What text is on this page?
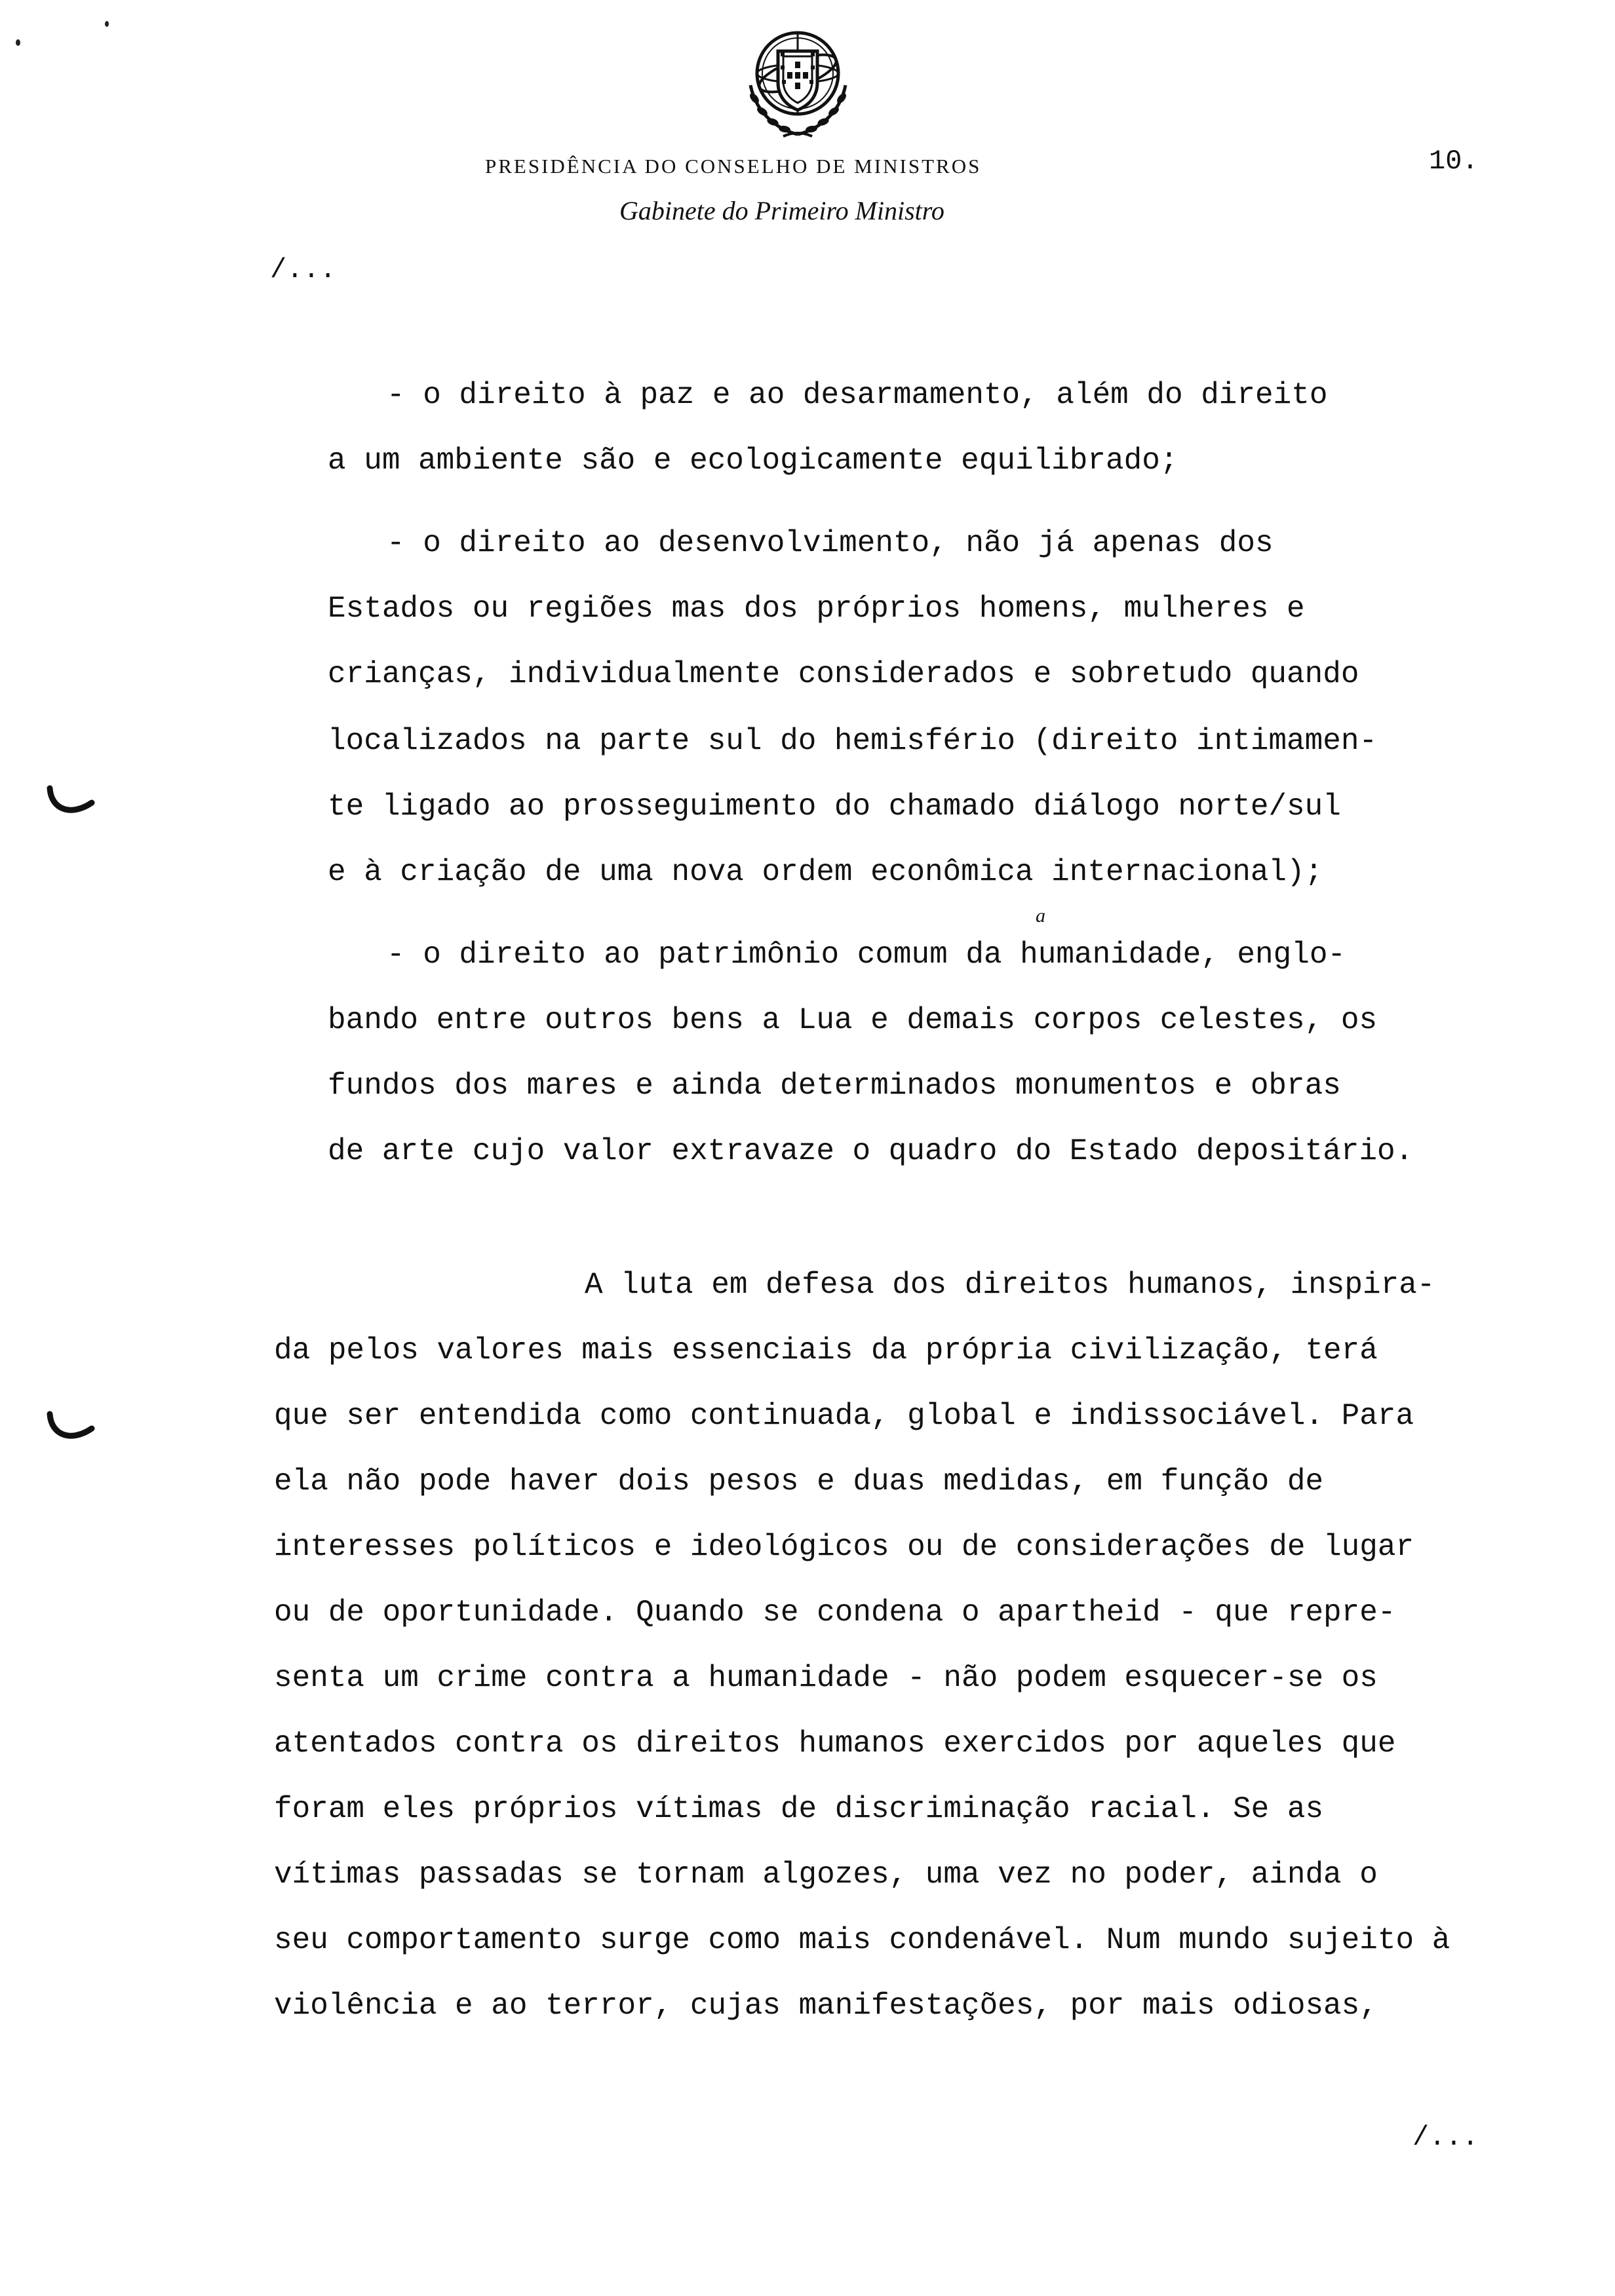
PRESIDÊNCIA DO CONSELHO DE MINISTROS
Gabinete do Primeiro Ministro
10.
/...
a
- o direito à paz e ao desarmamento, além do direito
a um ambiente são e ecologicamente equilibrado;
- o direito ao desenvolvimento, não já apenas dos
Estados ou regiões mas dos próprios homens, mulheres e
crianças, individualmente considerados e sobretudo quando
localizados na parte sul do hemisfério (direito intimamen-
te ligado ao prosseguimento do chamado diálogo norte/sul
e à criação de uma nova ordem econômica internacional);
- o direito ao patrimônio comum da humanidade, englo-
bando entre outros bens a Lua e demais corpos celestes, os
fundos dos mares e ainda determinados monumentos e obras
de arte cujo valor extravaze o quadro do Estado depositário.
A luta em defesa dos direitos humanos, inspira-
da pelos valores mais essenciais da própria civilização, terá
que ser entendida como continuada, global e indissociável. Para
ela não pode haver dois pesos e duas medidas, em função de
interesses políticos e ideológicos ou de considerações de lugar
ou de oportunidade. Quando se condena o apartheid - que repre-
senta um crime contra a humanidade - não podem esquecer-se os
atentados contra os direitos humanos exercidos por aqueles que
foram eles próprios vítimas de discriminação racial. Se as
vítimas passadas se tornam algozes, uma vez no poder, ainda o
seu comportamento surge como mais condenável. Num mundo sujeito à
violência e ao terror, cujas manifestações, por mais odiosas,
/...
